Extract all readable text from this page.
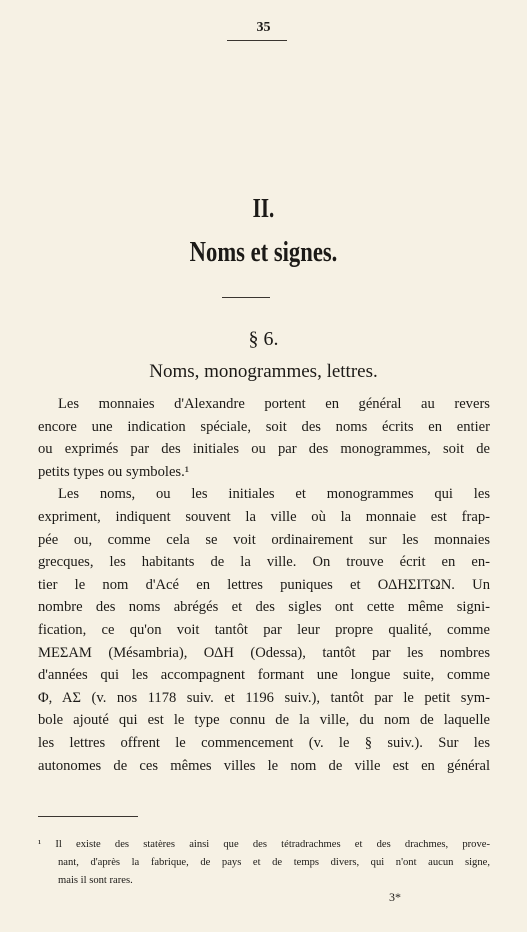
35
II.
Noms et signes.
§ 6.
Noms, monogrammes, lettres.
Les monnaies d'Alexandre portent en général au revers
encore une indication spéciale, soit des noms écrits en entier
ou exprimés par des initiales ou par des monogrammes, soit de
petits types ou symboles.¹
Les noms, ou les initiales et monogrammes qui les
expriment, indiquent souvent la ville où la monnaie est frap-
pée ou, comme cela se voit ordinairement sur les monnaies
grecques, les habitants de la ville. On trouve écrit en en-
tier le nom d'Acé en lettres puniques et ΟΔΗΣΙΤΩΝ. Un
nombre des noms abrégés et des sigles ont cette même signi-
fication, ce qu'on voit tantôt par leur propre qualité, comme
ΜΕΣΑΜ (Mésambria), ΟΔΗ (Odessa), tantôt par les nombres
d'années qui les accompagnent formant une longue suite, comme
Φ, ΑΣ (v. nos 1178 suiv. et 1196 suiv.), tantôt par le petit sym-
bole ajouté qui est le type connu de la ville, du nom de laquelle
les lettres offrent le commencement (v. le § suiv.). Sur les
autonomes de ces mêmes villes le nom de ville est en général
¹ Il existe des statères ainsi que des tétradrachmes et des drachmes, prove-
nant, d'après la fabrique, de pays et de temps divers, qui n'ont aucun signe,
mais il sont rares.
3*
